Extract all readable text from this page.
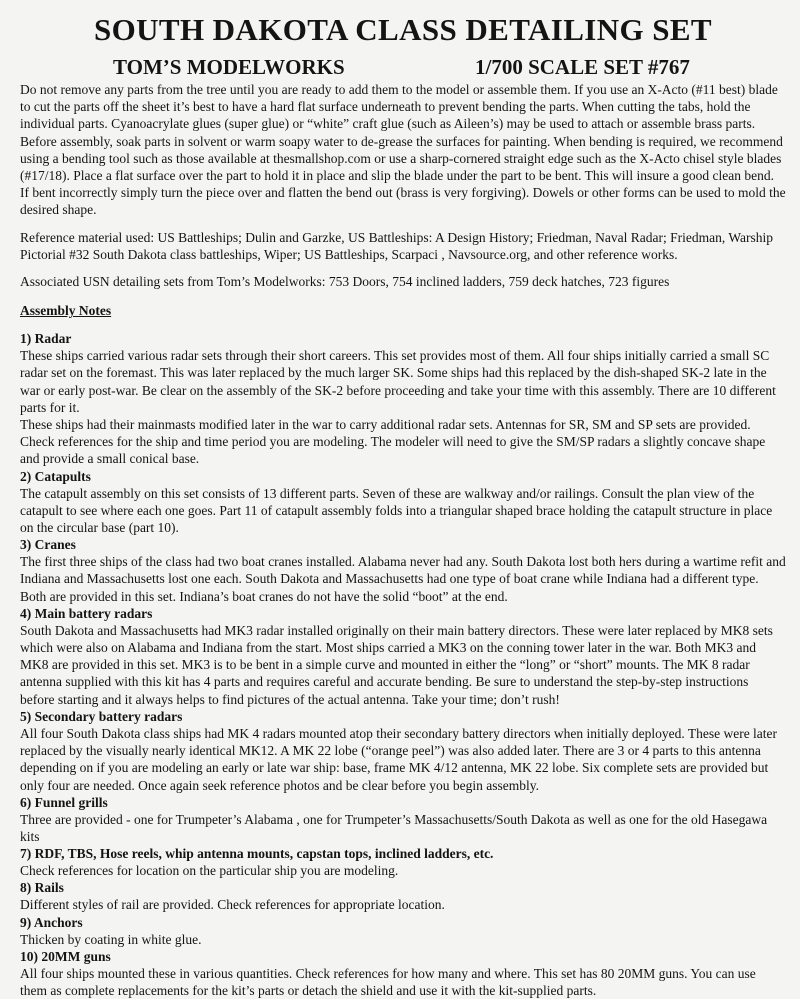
SOUTH DAKOTA CLASS DETAILING SET
TOM’S MODELWORKS	1/700 SCALE SET #767

Do not remove any parts from the tree until you are ready to add them to the model or assemble them. If you use an X-Acto (#11 best) blade to cut the parts off the sheet it’s best to have a hard flat surface underneath to prevent bending the parts. When cutting the tabs, hold the individual parts. Cyanoacrylate glues (super glue) or “white” craft glue (such as Aileen’s) may be used to attach or assemble brass parts. Before assembly, soak parts in solvent or warm soapy water to de-grease the surfaces for painting. When bending is required, we recommend using a bending tool such as those available at thesmallshop.com or use a sharp-cornered straight edge such as the X-Acto chisel style blades (#17/18). Place a flat surface over the part to hold it in place and slip the blade under the part to be bent. This will insure a good clean bend. If bent incorrectly simply turn the piece over and flatten the bend out (brass is very forgiving). Dowels or other forms can be used to mold the desired shape.

Reference material used: US Battleships; Dulin and Garzke, US Battleships: A Design History; Friedman, Naval Radar; Friedman, Warship Pictorial #32 South Dakota class battleships, Wiper; US Battleships, Scarpaci , Navsource.org, and other reference works.

Associated USN detailing sets from Tom’s Modelworks: 753 Doors, 754 inclined ladders, 759 deck hatches, 723 figures

Assembly Notes
1) Radar

These ships carried various radar sets through their short careers. This set provides most of them. All four ships initially carried a small SC radar set on the foremast. This was later replaced by the much larger SK. Some ships had this replaced by the dish-shaped SK-2 late in the war or early post-war. Be clear on the assembly of the SK-2 before proceeding and take your time with this assembly. There are 10 different parts for it.

These ships had their mainmasts modified later in the war to carry additional radar sets. Antennas for SR, SM and SP sets are provided. Check references for the ship and time period you are modeling. The modeler will need to give the SM/SP radars a slightly concave shape and provide a small conical base.

2) Catapults

The catapult assembly on this set consists of 13 different parts. Seven of these are walkway and/or railings. Consult the plan view of the catapult to see where each one goes. Part 11 of catapult assembly folds into a triangular shaped brace holding the catapult structure in place on the circular base (part 10).

3) Cranes

The first three ships of the class had two boat cranes installed. Alabama never had any. South Dakota lost both hers during a wartime refit and Indiana and Massachusetts lost one each. South Dakota and Massachusetts had one type of boat crane while Indiana had a different type. Both are provided in this set. Indiana’s boat cranes do not have the solid “boot” at the end.

4) Main battery radars

South Dakota and Massachusetts had MK3 radar installed originally on their main battery directors. These were later replaced by MK8 sets which were also on Alabama and Indiana from the start. Most ships carried a MK3 on the conning tower later in the war. Both MK3 and MK8 are provided in this set. MK3 is to be bent in a simple curve and mounted in either the “long” or “short” mounts. The MK 8 radar antenna supplied with this kit has 4 parts and requires careful and accurate bending. Be sure to understand the step-by-step instructions before starting and it always helps to find pictures of the actual antenna. Take your time; don’t rush!

5) Secondary battery radars

All four South Dakota class ships had MK 4 radars mounted atop their secondary battery directors when initially deployed. These were later replaced by the visually nearly identical MK12. A MK 22 lobe (“orange peel”) was also added later. There are 3 or 4 parts to this antenna depending on if you are modeling an early or late war ship: base, frame MK 4/12 antenna, MK 22 lobe. Six complete sets are provided but only four are needed. Once again seek reference photos and be clear before you begin assembly.

6) Funnel grills

Three are provided - one for Trumpeter’s Alabama , one for Trumpeter’s Massachusetts/South Dakota as well as one for the old Hasegawa kits

7) RDF, TBS, Hose reels, whip antenna mounts, capstan tops, inclined ladders, etc.

Check references for location on the particular ship you are modeling.

8) Rails

Different styles of rail are provided. Check references for appropriate location.

9) Anchors

Thicken by coating in white glue.

10) 20MM guns

All four ships mounted these in various quantities. Check references for how many and where. This set has 80 20MM guns. You can use them as complete replacements for the kit’s parts or detach the shield and use it with the kit-supplied parts.
